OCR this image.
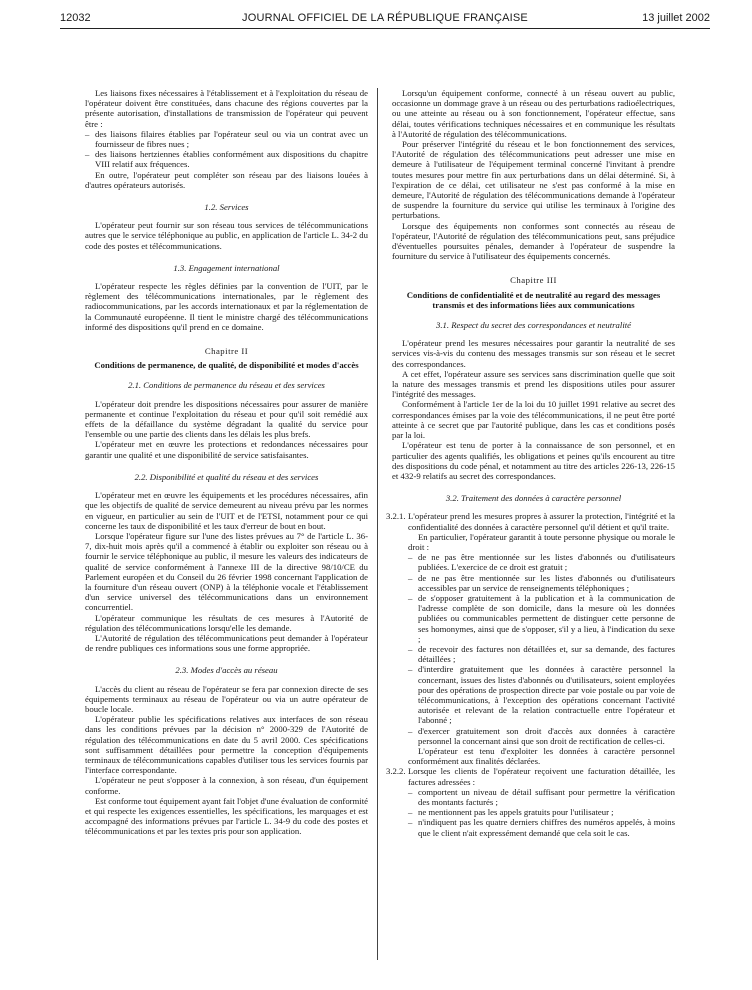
12032	JOURNAL OFFICIEL DE LA RÉPUBLIQUE FRANÇAISE	13 juillet 2002

Les liaisons fixes nécessaires à l'établissement et à l'exploitation du réseau de l'opérateur doivent être constituées, dans chacune des régions couvertes par la présente autorisation, d'installations de transmission de l'opérateur qui peuvent être :

– des liaisons filaires établies par l'opérateur seul ou via un contrat avec un fournisseur de fibres nues ;

– des liaisons hertziennes établies conformément aux dispositions du chapitre VIII relatif aux fréquences.

En outre, l'opérateur peut compléter son réseau par des liaisons louées à d'autres opérateurs autorisés.

1.2. Services

L'opérateur peut fournir sur son réseau tous services de télécommunications autres que le service téléphonique au public, en application de l'article L. 34-2 du code des postes et télécommunications.

1.3. Engagement international

L'opérateur respecte les règles définies par la convention de l'UIT, par le règlement des télécommunications internationales, par le règlement des radiocommunications, par les accords internationaux et par la réglementation de la Communauté européenne. Il tient le ministre chargé des télécommunications informé des dispositions qu'il prend en ce domaine.

Chapitre II

Conditions de permanence, de qualité, de disponibilité et modes d'accès

2.1. Conditions de permanence du réseau et des services

L'opérateur doit prendre les dispositions nécessaires pour assurer de manière permanente et continue l'exploitation du réseau et pour qu'il soit remédié aux effets de la défaillance du système dégradant la qualité du service pour l'ensemble ou une partie des clients dans les délais les plus brefs.

L'opérateur met en œuvre les protections et redondances nécessaires pour garantir une qualité et une disponibilité de service satisfaisantes.

2.2. Disponibilité et qualité du réseau et des services

L'opérateur met en œuvre les équipements et les procédures nécessaires, afin que les objectifs de qualité de service demeurent au niveau prévu par les normes en vigueur, en particulier au sein de l'UIT et de l'ETSI, notamment pour ce qui concerne les taux de disponibilité et les taux d'erreur de bout en bout.

Lorsque l'opérateur figure sur l'une des listes prévues au 7° de l'article L. 36-7, dix-huit mois après qu'il a commencé à établir ou exploiter son réseau ou à fournir le service téléphonique au public, il mesure les valeurs des indicateurs de qualité de service conformément à l'annexe III de la directive 98/10/CE du Parlement européen et du Conseil du 26 février 1998 concernant l'application de la fourniture d'un réseau ouvert (ONP) à la téléphonie vocale et l'établissement d'un service universel des télécommunications dans un environnement concurrentiel.

L'opérateur communique les résultats de ces mesures à l'Autorité de régulation des télécommunications lorsqu'elle les demande.

L'Autorité de régulation des télécommunications peut demander à l'opérateur de rendre publiques ces informations sous une forme appropriée.

2.3. Modes d'accès au réseau

L'accès du client au réseau de l'opérateur se fera par connexion directe de ses équipements terminaux au réseau de l'opérateur ou via un autre opérateur de boucle locale.

L'opérateur publie les spécifications relatives aux interfaces de son réseau dans les conditions prévues par la décision n° 2000-329 de l'Autorité de régulation des télécommunications en date du 5 avril 2000. Ces spécifications sont suffisamment détaillées pour permettre la conception d'équipements terminaux de télécommunications capables d'utiliser tous les services fournis par l'interface correspondante.

L'opérateur ne peut s'opposer à la connexion, à son réseau, d'un équipement conforme.

Est conforme tout équipement ayant fait l'objet d'une évaluation de conformité et qui respecte les exigences essentielles, les spécifications, les marquages et est accompagné des informations prévues par l'article L. 34-9 du code des postes et télécommunications et par les textes pris pour son application.

Lorsqu'un équipement conforme, connecté à un réseau ouvert au public, occasionne un dommage grave à un réseau ou des perturbations radioélectriques, ou une atteinte au réseau ou à son fonctionnement, l'opérateur effectue, sans délai, toutes vérifications techniques nécessaires et en communique les résultats à l'Autorité de régulation des télécommunications.

Pour préserver l'intégrité du réseau et le bon fonctionnement des services, l'Autorité de régulation des télécommunications peut adresser une mise en demeure à l'utilisateur de l'équipement terminal concerné l'invitant à prendre toutes mesures pour mettre fin aux perturbations dans un délai déterminé. Si, à l'expiration de ce délai, cet utilisateur ne s'est pas conformé à la mise en demeure, l'Autorité de régulation des télécommunications demande à l'opérateur de suspendre la fourniture du service qui utilise les terminaux à l'origine des perturbations.

Lorsque des équipements non conformes sont connectés au réseau de l'opérateur, l'Autorité de régulation des télécommunications peut, sans préjudice d'éventuelles poursuites pénales, demander à l'opérateur de suspendre la fourniture du service à l'utilisateur des équipements concernés.

Chapitre III

Conditions de confidentialité et de neutralité au regard des messages transmis et des informations liées aux communications

3.1. Respect du secret des correspondances et neutralité

L'opérateur prend les mesures nécessaires pour garantir la neutralité de ses services vis-à-vis du contenu des messages transmis sur son réseau et le secret des correspondances.

A cet effet, l'opérateur assure ses services sans discrimination quelle que soit la nature des messages transmis et prend les dispositions utiles pour assurer l'intégrité des messages.

Conformément à l'article 1er de la loi du 10 juillet 1991 relative au secret des correspondances émises par la voie des télécommunications, il ne peut être porté atteinte à ce secret que par l'autorité publique, dans les cas et conditions posés par la loi.

L'opérateur est tenu de porter à la connaissance de son personnel, et en particulier des agents qualifiés, les obligations et peines qu'ils encourent au titre des dispositions du code pénal, et notamment au titre des articles 226-13, 226-15 et 432-9 relatifs au secret des correspondances.

3.2. Traitement des données à caractère personnel

3.2.1. L'opérateur prend les mesures propres à assurer la protection, l'intégrité et la confidentialité des données à caractère personnel qu'il détient et qu'il traite.

En particulier, l'opérateur garantit à toute personne physique ou morale le droit :

– de ne pas être mentionnée sur les listes d'abonnés ou d'utilisateurs publiées. L'exercice de ce droit est gratuit ;

– de ne pas être mentionnée sur les listes d'abonnés ou d'utilisateurs accessibles par un service de renseignements téléphoniques ;

– de s'opposer gratuitement à la publication et à la communication de l'adresse complète de son domicile, dans la mesure où les données publiées ou communicables permettent de distinguer cette personne de ses homonymes, ainsi que de s'opposer, s'il y a lieu, à l'indication du sexe ;

– de recevoir des factures non détaillées et, sur sa demande, des factures détaillées ;

– d'interdire gratuitement que les données à caractère personnel la concernant, issues des listes d'abonnés ou d'utilisateurs, soient employées pour des opérations de prospection directe par voie postale ou par voie de télécommunications, à l'exception des opérations concernant l'activité autorisée et relevant de la relation contractuelle entre l'opérateur et l'abonné ;

– d'exercer gratuitement son droit d'accès aux données à caractère personnel la concernant ainsi que son droit de rectification de celles-ci.

L'opérateur est tenu d'exploiter les données à caractère personnel conformément aux finalités déclarées.

3.2.2. Lorsque les clients de l'opérateur reçoivent une facturation détaillée, les factures adressées :

– comportent un niveau de détail suffisant pour permettre la vérification des montants facturés ;

– ne mentionnent pas les appels gratuits pour l'utilisateur ;

– n'indiquent pas les quatre derniers chiffres des numéros appelés, à moins que le client n'ait expressément demandé que cela soit le cas.
